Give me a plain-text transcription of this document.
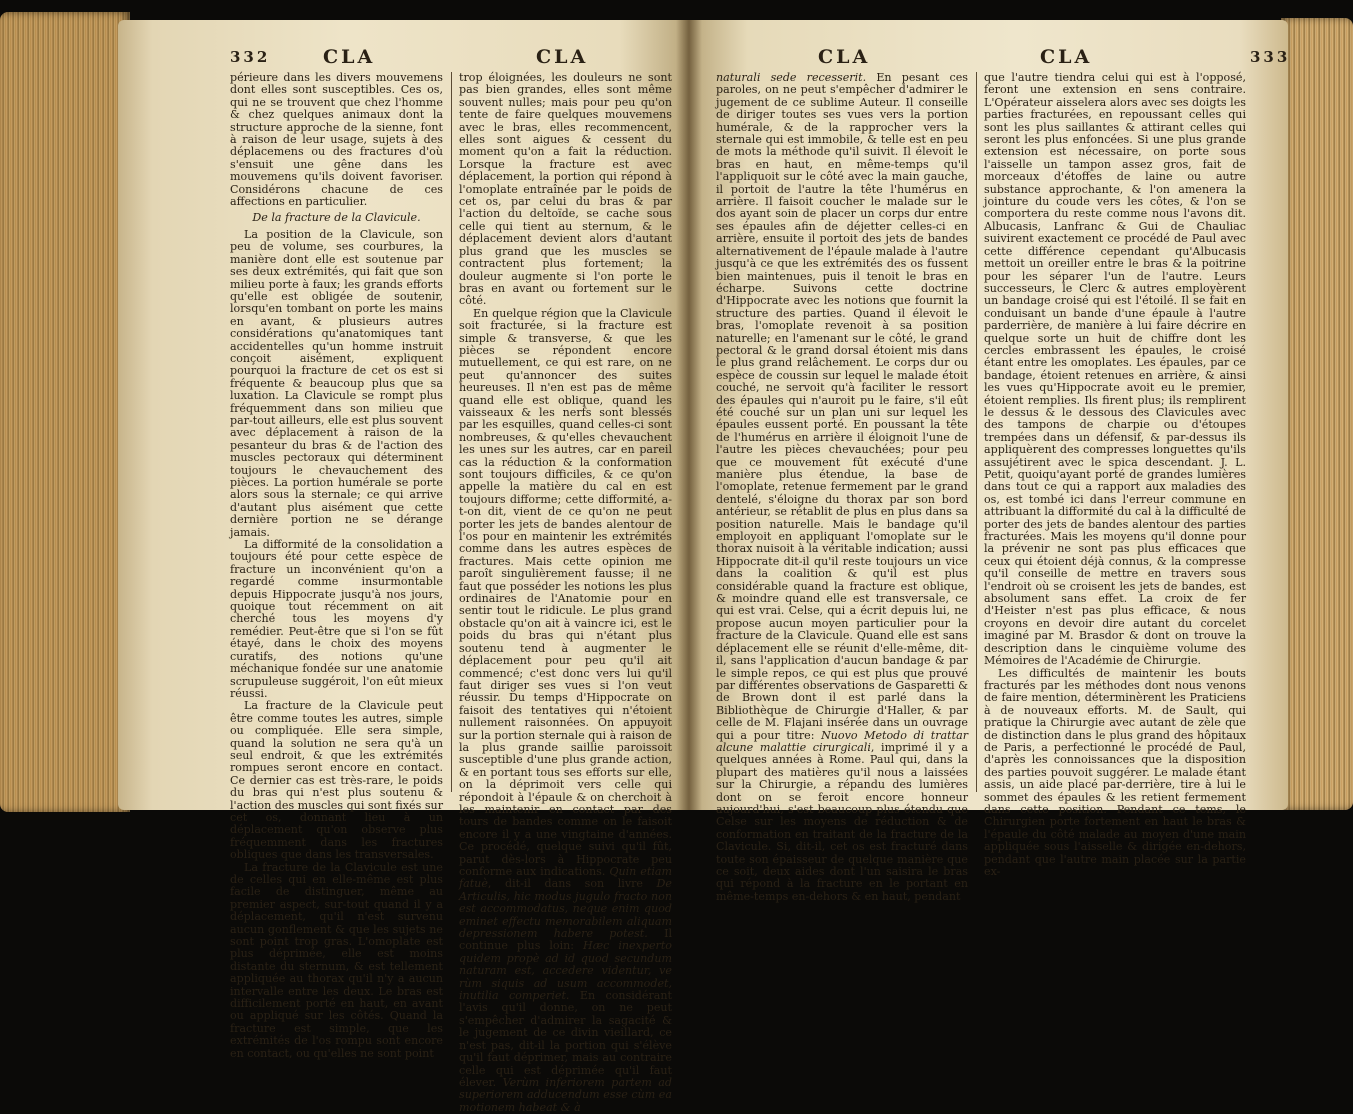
332	CLA	CLA

périeure dans les divers mouvemens dont elles sont susceptibles. Ces os, qui ne se trouvent que chez l'homme & chez quelques animaux dont la structure approche de la sienne, font à raison de leur usage, sujets à des déplacemens ou des fractures d'où s'ensuit une gêne dans les mouvemens qu'ils doivent favoriser. Considérons chacune de ces affections en particulier.

De la fracture de la Clavicule.

La position de la Clavicule, son peu de volume, ses courbures, la manière dont elle est soutenue par ses deux extrémités, qui fait que son milieu porte à faux; les grands efforts qu'elle est obligée de soutenir, lorsqu'en tombant on porte les mains en avant, & plusieurs autres considérations qu'anatomiques tant accidentelles qu'un homme instruit conçoit aisément, expliquent pourquoi la fracture de cet os est si fréquente & beaucoup plus que sa luxation. La Clavicule se rompt plus fréquemment dans son milieu que par-tout ailleurs, elle est plus souvent avec déplacement à raison de la pesanteur du bras & de l'action des muscles pectoraux qui déterminent toujours le chevauchement des pièces. La portion humérale se porte alors sous la sternale; ce qui arrive d'autant plus aisément que cette dernière portion ne se dérange jamais.

La difformité de la consolidation a toujours été pour cette espèce de fracture un inconvénient qu'on a regardé comme insurmontable depuis Hippocrate jusqu'à nos jours, quoique tout récemment on ait cherché tous les moyens d'y remédier. Peut-être que si l'on se fût étayé, dans le choix des moyens curatifs, des notions qu'une méchanique fondée sur une anatomie scrupuleuse suggéroit, l'on eût mieux réussi.

La fracture de la Clavicule peut être comme toutes les autres, simple ou compliquée. Elle sera simple, quand la solution ne sera qu'à un seul endroit, & que les extrémités rompues seront encore en contact. Ce dernier cas est très-rare, le poids du bras qui n'est plus soutenu & l'action des muscles qui sont fixés sur cet os, donnant lieu à un déplacement qu'on observe plus fréquemment dans les fractures obliques que dans les transversales.

La fracture de la Clavicule est une de celles qui en elle-même est plus facile de distinguer, même au premier aspect, sur-tout quand il y a déplacement, qu'il n'est survenu aucun gonflement & que les sujets ne sont point trop gras. L'omoplate est plus déprimée, elle est moins distante du sternum, & est tellement appliquée au thorax qu'il n'y a aucun intervalle entre les deux. Le bras est difficilement porté en haut, en avant ou appliqué sur les côtés. Quand la fracture est simple, que les extrémités de l'os rompu sont encore en contact, ou qu'elles ne sont point

trop éloignées, les douleurs ne sont pas bien grandes, elles sont même souvent nulles; mais pour peu qu'on tente de faire quelques mouvemens avec le bras, elles recommencent, elles sont aigues & cessent du moment qu'on a fait la réduction. Lorsque la fracture est avec déplacement, la portion qui répond à l'omoplate entraînée par le poids de cet os, par celui du bras & par l'action du deltoïde, se cache sous celle qui tient au sternum, & le déplacement devient alors d'autant plus grand que les muscles se contractent plus fortement; la douleur augmente si l'on porte le bras en avant ou fortement sur le côté.

En quelque région que la Clavicule soit fracturée, si la fracture est simple & transverse, & que les pièces se répondent encore mutuellement, ce qui est rare, on ne peut qu'annoncer des suites heureuses. Il n'en est pas de même quand elle est oblique, quand les vaisseaux & les nerfs sont blessés par les esquilles, quand celles-ci sont nombreuses, & qu'elles chevauchent les unes sur les autres, car en pareil cas la réduction & la conformation sont toujours difficiles, & ce qu'on appelle la matière du cal en est toujours difforme; cette difformité, a-t-on dit, vient de ce qu'on ne peut porter les jets de bandes alentour de l'os pour en maintenir les extrémités comme dans les autres espèces de fractures. Mais cette opinion me paroît singulièrement fausse; il ne faut que posséder les notions les plus ordinaires de l'Anatomie pour en sentir tout le ridicule. Le plus grand obstacle qu'on ait à vaincre ici, est le poids du bras qui n'étant plus soutenu tend à augmenter le déplacement pour peu qu'il ait commencé; c'est donc vers lui qu'il faut diriger ses vues si l'on veut réussir. Du temps d'Hippocrate on faisoit des tentatives qui n'étoient nullement raisonnées. On appuyoit sur la portion sternale qui à raison de la plus grande saillie paroissoit susceptible d'une plus grande action, & en portant tous ses efforts sur elle, on la déprimoit vers celle qui répondoit à l'épaule & on cherchoit à les maintenir en contact par des tours de bandes comme on le faisoit encore il y a une vingtaine d'années. Ce procédé, quelque suivi qu'il fût, parut dès-lors à Hippocrate peu conforme aux indications. Quin etiam fatuè, dit-il dans son livre De Articulis, hic modus jugulo fracto non est accommodatus, neque enim quod eminet effectu memorabilem aliquam depressionem habere potest. Il continue plus loin: Hæc inexperto quidem propè ad id quod secundum naturam est, accedere videntur, ve rùm siquis ad usum accommodet, inutilia comperiet. En considérant l'avis qu'il donne, on ne peut s'empêcher d'admirer la sagacité & le jugement de ce divin vieillard, ce n'est pas, dit-il la portion qui s'élève qu'il faut déprimer, mais au contraire celle qui est déprimée qu'il faut élever. Verùm inferiorem partem ad superiorem adducendum esse cùm ea motionem habeat & à

CLA	CLA	333

naturali sede recesserit. En pesant ces paroles, on ne peut s'empêcher d'admirer le jugement de ce sublime Auteur. Il conseille de diriger toutes ses vues vers la portion humérale, & de la rapprocher vers la sternale qui est immobile, & telle est en peu de mots la méthode qu'il suivit. Il élevoit le bras en haut, en même-temps qu'il l'appliquoit sur le côté avec la main gauche, il portoit de l'autre la tête l'humérus en arrière. Il faisoit coucher le malade sur le dos ayant soin de placer un corps dur entre ses épaules afin de déjetter celles-ci en arrière, ensuite il portoit des jets de bandes alternativement de l'épaule malade à l'autre jusqu'à ce que les extrémités des os fussent bien maintenues, puis il tenoit le bras en écharpe. Suivons cette doctrine d'Hippocrate avec les notions que fournit la structure des parties. Quand il élevoit le bras, l'omoplate revenoit à sa position naturelle; en l'amenant sur le côté, le grand pectoral & le grand dorsal étoient mis dans le plus grand relâchement. Le corps dur ou espèce de coussin sur lequel le malade étoit couché, ne servoit qu'à faciliter le ressort des épaules qui n'auroit pu le faire, s'il eût été couché sur un plan uni sur lequel les épaules eussent porté. En poussant la tête de l'humérus en arrière il éloignoit l'une de l'autre les pièces chevauchées; pour peu que ce mouvement fût exécuté d'une manière plus étendue, la base de l'omoplate, retenue fermement par le grand dentelé, s'éloigne du thorax par son bord antérieur, se rétablit de plus en plus dans sa position naturelle. Mais le bandage qu'il employoit en appliquant l'omoplate sur le thorax nuisoit à la véritable indication; aussi Hippocrate dit-il qu'il reste toujours un vice dans la coalition & qu'il est plus considérable quand la fracture est oblique, & moindre quand elle est transversale, ce qui est vrai. Celse, qui a écrit depuis lui, ne propose aucun moyen particulier pour la fracture de la Clavicule. Quand elle est sans déplacement elle se réunit d'elle-même, dit-il, sans l'application d'aucun bandage & par le simple repos, ce qui est plus que prouvé par différentes observations de Gasparetti & de Brown dont il est parlé dans la Bibliothèque de Chirurgie d'Haller, & par celle de M. Flajani insérée dans un ouvrage qui a pour titre: Nuovo Metodo di trattar alcune malattie cirurgicali, imprimé il y a quelques années à Rome. Paul qui, dans la plupart des matières qu'il nous a laissées sur la Chirurgie, a répandu des lumières dont on se feroit encore honneur aujourd'hui, s'est beaucoup plus étendu que Celse sur les moyens de réduction & de conformation en traitant de la fracture de la Clavicule. Si, dit-il, cet os est fracturé dans toute son épaisseur de quelque manière que ce soit, deux aides dont l'un saisira le bras qui répond à la fracture en le portant en même-temps en-dehors & en haut, pendant

que l'autre tiendra celui qui est à l'opposé, feront une extension en sens contraire. L'Opérateur aisselera alors avec ses doigts les parties fracturées, en repoussant celles qui sont les plus saillantes & attirant celles qui seront les plus enfoncées. Si une plus grande extension est nécessaire, on porte sous l'aisselle un tampon assez gros, fait de morceaux d'étoffes de laine ou autre substance approchante, & l'on amenera la jointure du coude vers les côtes, & l'on se comportera du reste comme nous l'avons dit. Albucasis, Lanfranc & Gui de Chauliac suivirent exactement ce procédé de Paul avec cette différence cependant qu'Albucasis mettoit un oreiller entre le bras & la poitrine pour les séparer l'un de l'autre. Leurs successeurs, le Clerc & autres employèrent un bandage croisé qui est l'étoilé. Il se fait en conduisant un bande d'une épaule à l'autre parderrière, de manière à lui faire décrire en quelque sorte un huit de chiffre dont les cercles embrassent les épaules, le croisé étant entre les omoplates. Les épaules, par ce bandage, étoient retenues en arrière, & ainsi les vues qu'Hippocrate avoit eu le premier, étoient remplies. Ils firent plus; ils remplirent le dessus & le dessous des Clavicules avec des tampons de charpie ou d'étoupes trempées dans un défensif, & par-dessus ils appliquèrent des compresses longuettes qu'ils assujétirent avec le spica descendant. J. L. Petit, quoiqu'ayant porté de grandes lumières dans tout ce qui a rapport aux maladies des os, est tombé ici dans l'erreur commune en attribuant la difformité du cal à la difficulté de porter des jets de bandes alentour des parties fracturées. Mais les moyens qu'il donne pour la prévenir ne sont pas plus efficaces que ceux qui étoient déjà connus, & la compresse qu'il conseille de mettre en travers sous l'endroit où se croisent les jets de bandes, est absolument sans effet. La croix de fer d'Heister n'est pas plus efficace, & nous croyons en devoir dire autant du corcelet imaginé par M. Brasdor & dont on trouve la description dans le cinquième volume des Mémoires de l'Académie de Chirurgie.

Les difficultés de maintenir les bouts fracturés par les méthodes dont nous venons de faire mention, déterminèrent les Praticiens à de nouveaux efforts. M. de Sault, qui pratique la Chirurgie avec autant de zèle que de distinction dans le plus grand des hôpitaux de Paris, a perfectionné le procédé de Paul, d'après les connoissances que la disposition des parties pouvoit suggérer. Le malade étant assis, un aide placé par-derrière, tire à lui le sommet des épaules & les retient fermement dans cette position. Pendant ce tems, le Chirurgien porte fortement en haut le bras & l'épaule du côté malade au moyen d'une main appliquée sous l'aisselle & dirigée en-dehors, pendant que l'autre main placée sur la partie ex-
